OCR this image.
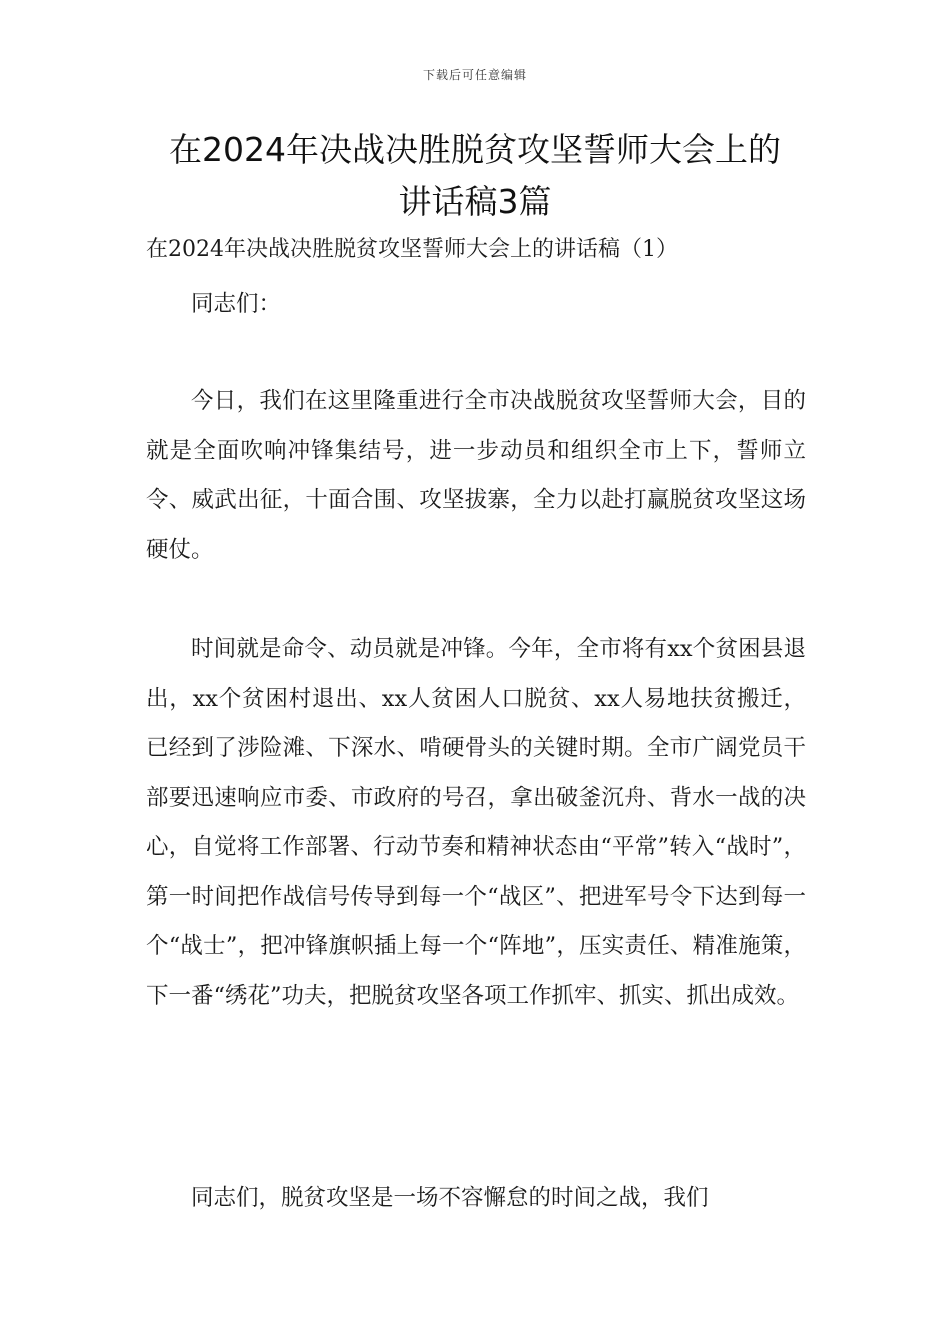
下载后可任意编辑
在2024年决战决胜脱贫攻坚誓师大会上的
讲话稿3篇
在2024年决战决胜脱贫攻坚誓师大会上的讲话稿（1）

同志们：

今日，我们在这里隆重进行全市决战脱贫攻坚誓师大会，目的就是全面吹响冲锋集结号，进一步动员和组织全市上下，誓师立令、威武出征，十面合围、攻坚拔寨，全力以赴打赢脱贫攻坚这场硬仗。

时间就是命令、动员就是冲锋。今年，全市将有xx个贫困县退出，xx个贫困村退出、xx人贫困人口脱贫、xx人易地扶贫搬迁，已经到了涉险滩、下深水、啃硬骨头的关键时期。全市广阔党员干部要迅速响应市委、市政府的号召，拿出破釜沉舟、背水一战的决心，自觉将工作部署、行动节奏和精神状态由“平常”转入“战时”，第一时间把作战信号传导到每一个“战区”、把进军号令下达到每一个“战士”，把冲锋旗帜插上每一个“阵地”，压实责任、精准施策，下一番“绣花”功夫，把脱贫攻坚各项工作抓牢、抓实、抓出成效。

同志们，脱贫攻坚是一场不容懈怠的时间之战，我们
